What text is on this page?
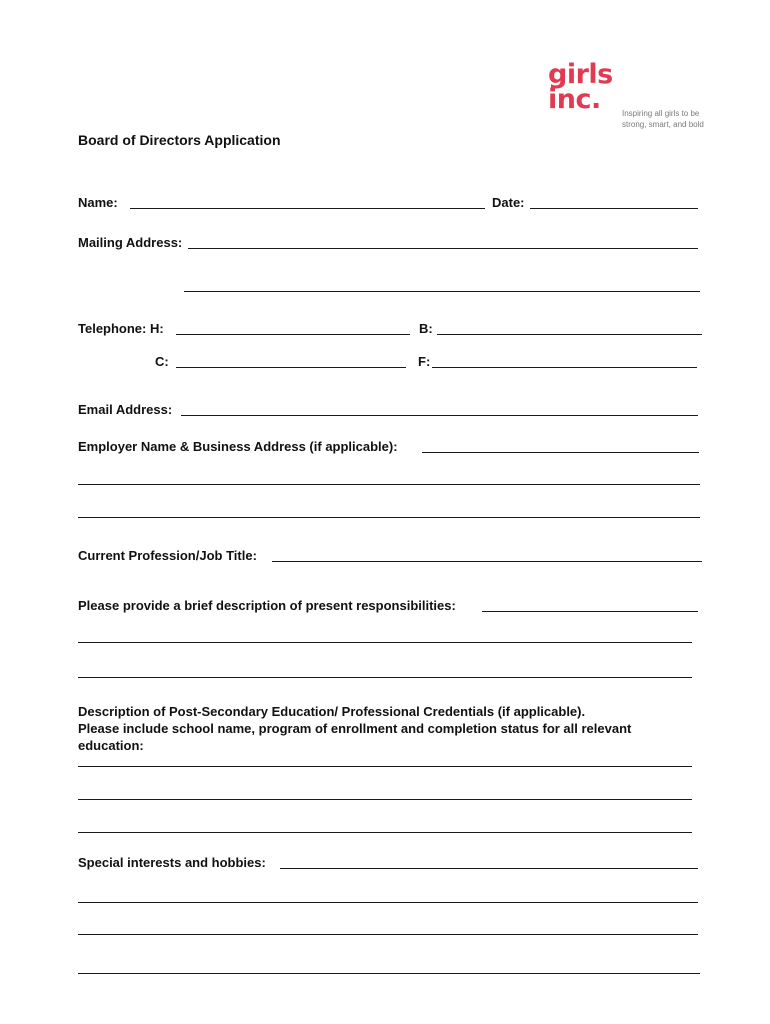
girls
inc.	Inspiring all girls to be strong, smart, and bold
Board of Directors Application
Name:	Date:
Mailing Address:
Telephone: H:	B:
C:	F:
Email Address:
Employer Name & Business Address (if applicable):
Current Profession/Job Title:
Please provide a brief description of present responsibilities:
Description of Post-Secondary Education/ Professional Credentials (if applicable).
Please include school name, program of enrollment and completion status for all relevant
education:
Special interests and hobbies:
